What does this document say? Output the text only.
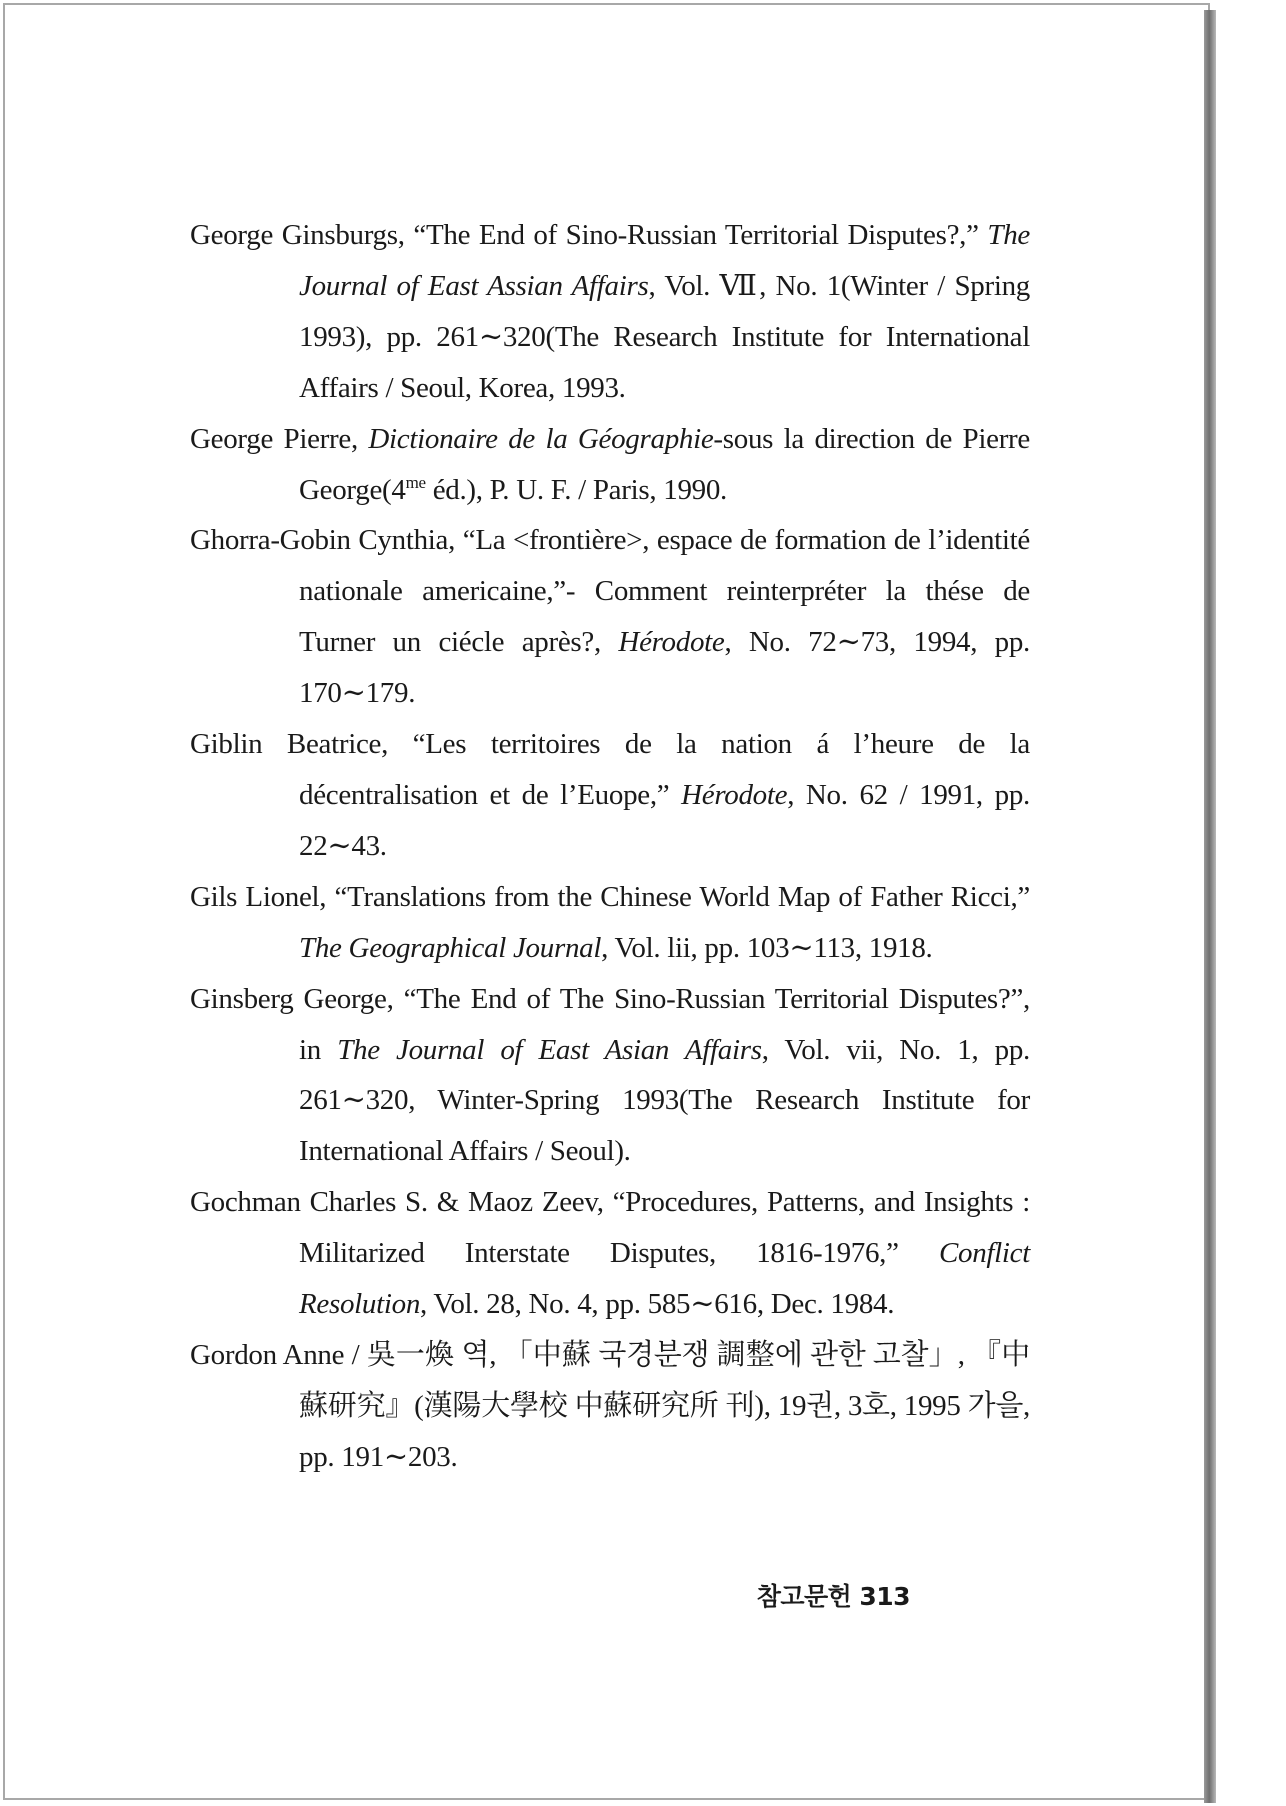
George Ginsburgs, “The End of Sino-Russian Territorial Disputes?,” The Journal of East Assian Affairs, Vol. Ⅶ, No. 1(Winter / Spring 1993), pp. 261∼320(The Research Institute for International Affairs / Seoul, Korea, 1993.

George Pierre, Dictionaire de la Géographie-sous la direction de Pierre $George(4^{me}$ éd.), P. U. F. / Paris, 1990.

Ghorra-Gobin Cynthia, “La <frontière>, espace de formation de l’identité nationale americaine,”- Comment reinterpréter la thése de Turner un ciécle après?, Hérodote, No. 72∼73, 1994, pp. 170∼179.

Giblin Beatrice, “Les territoires de la nation á l’heure de la décentralisation et de l’Euope,” Hérodote, No. 62 / 1991, pp. 22∼43.

Gils Lionel, “Translations from the Chinese World Map of Father Ricci,” The Geographical Journal, Vol. lii, pp. 103∼113, 1918.

Ginsberg George, “The End of The Sino-Russian Territorial Disputes?”, in The Journal of East Asian Affairs, Vol. vii, No. 1, pp. 261∼320, Winter-Spring 1993(The Research Institute for International Affairs / Seoul).

Gochman Charles S. & Maoz Zeev, “Procedures, Patterns, and Insights : Militarized Interstate Disputes, 1816-1976,” Conflict Resolution, Vol. 28, No. 4, pp. 585∼616, Dec. 1984.

Gordon Anne / 吳一煥 역, 「中蘇 국경분쟁 調整에 관한 고찰」, 『中蘇研究』(漢陽大學校 中蘇研究所 刊), 19권, 3호, 1995 가을, pp. 191∼203.

참고문헌 313
